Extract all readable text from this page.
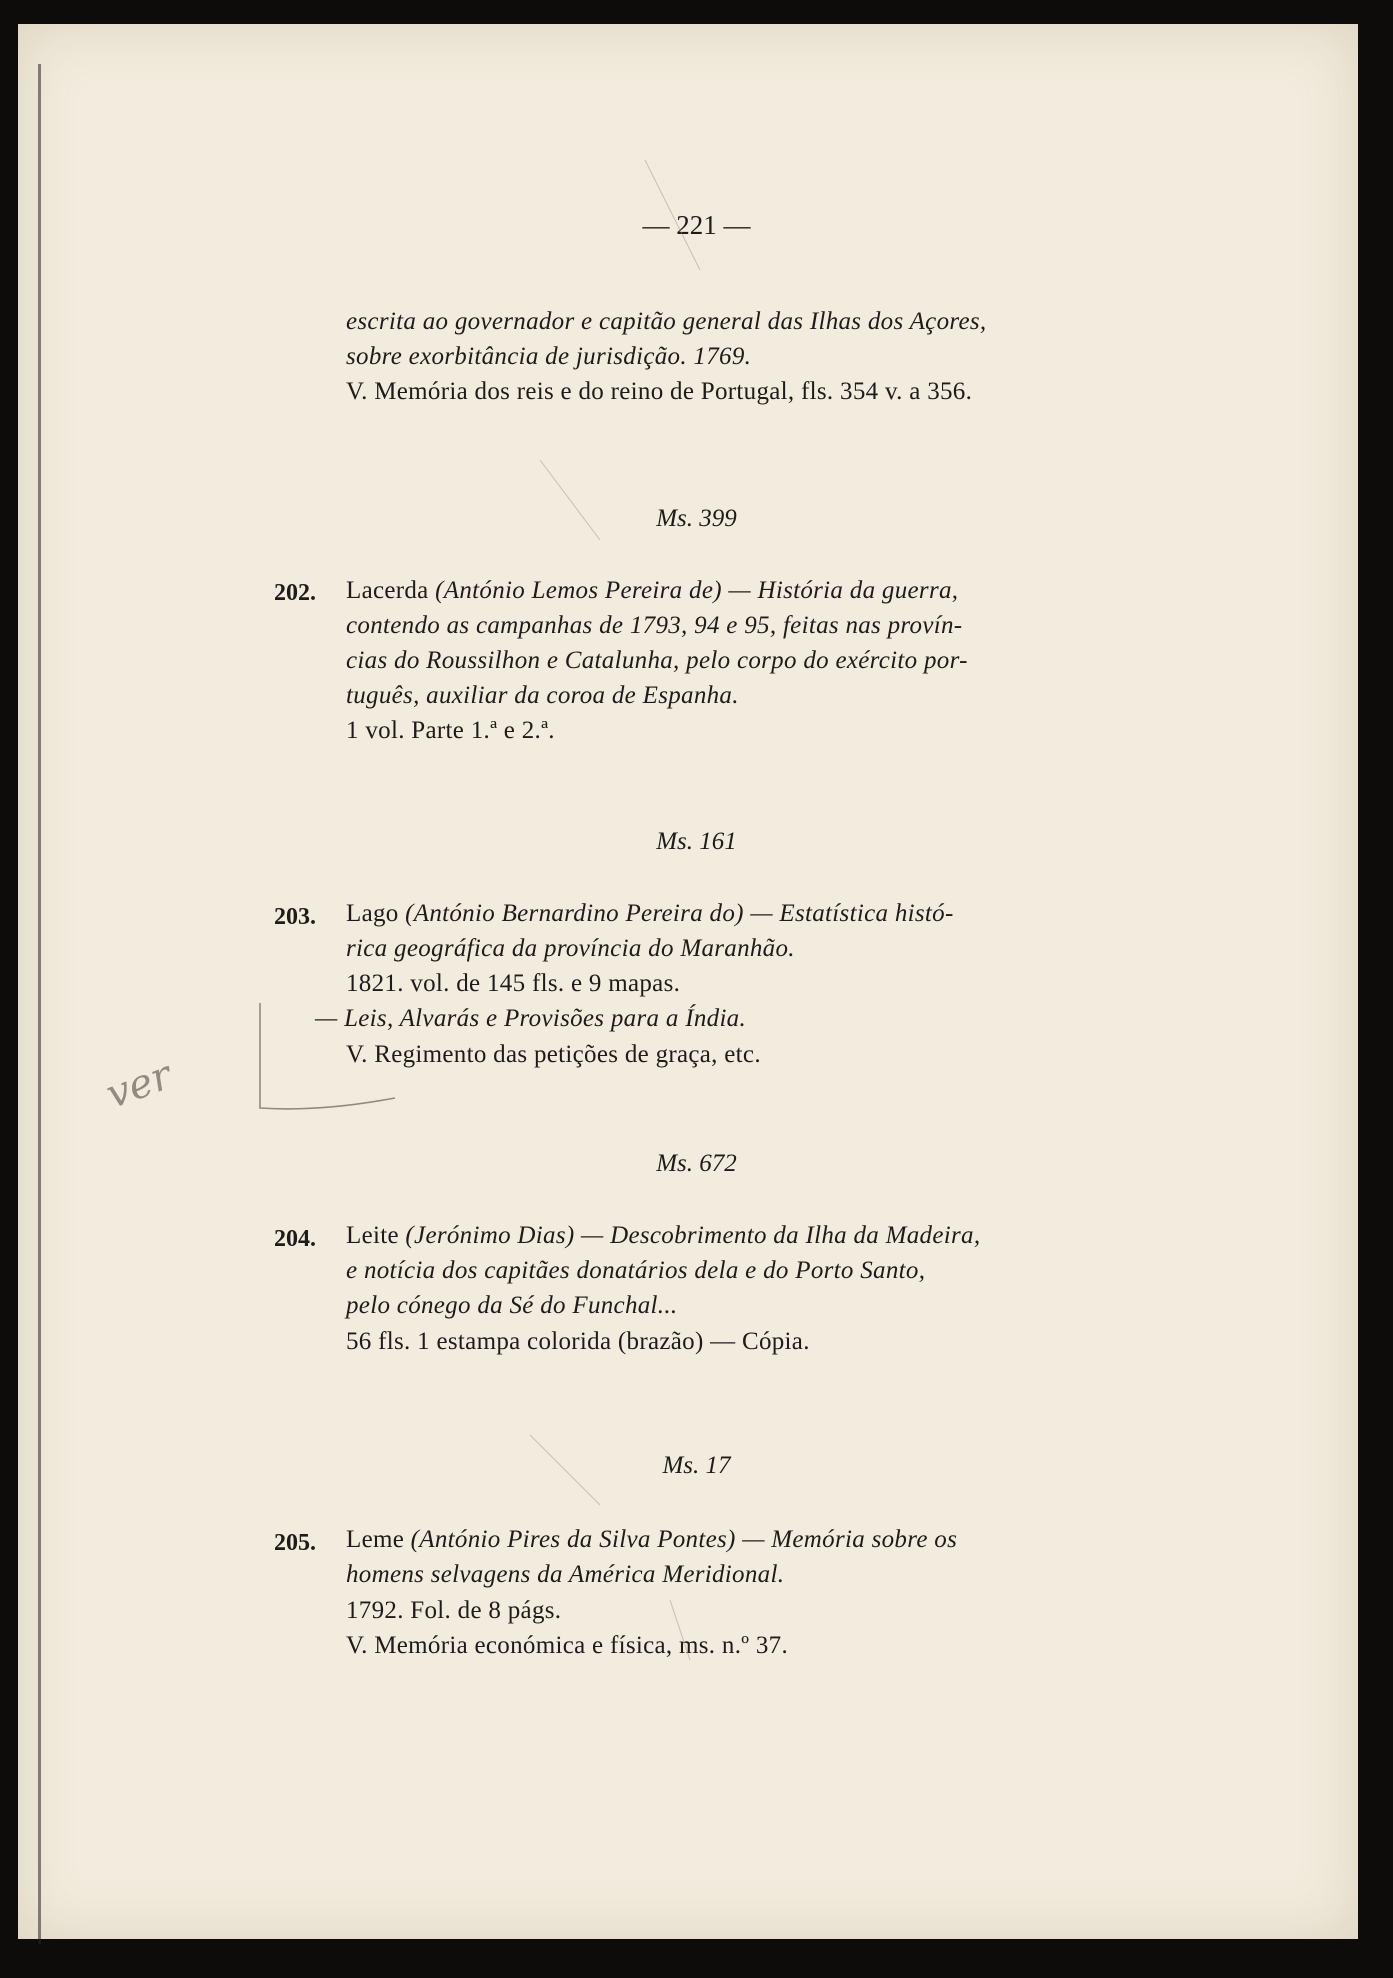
— 221 —
escrita ao governador e capitão general das Ilhas dos Açores,
sobre exorbitância de jurisdição. 1769.
V. Memória dos reis e do reino de Portugal, fls. 354 v. a 356.
Ms. 399
202. Lacerda (António Lemos Pereira de) — História da guerra,
contendo as campanhas de 1793, 94 e 95, feitas nas provín-
cias do Roussilhon e Catalunha, pelo corpo do exército por-
tuguês, auxiliar da coroa de Espanha.
1 vol. Parte 1.ª e 2.ª.
Ms. 161
203. Lago (António Bernardino Pereira do) — Estatística histó-
rica geográfica da província do Maranhão.
1821. vol. de 145 fls. e 9 mapas.
— Leis, Alvarás e Provisões para a Índia.
V. Regimento das petições de graça, etc.
Ms. 672
204. Leite (Jerónimo Dias) — Descobrimento da Ilha da Madeira,
e notícia dos capitães donatários dela e do Porto Santo,
pelo cónego da Sé do Funchal...
56 fls. 1 estampa colorida (brazão) — Cópia.
Ms. 17
205. Leme (António Pires da Silva Pontes) — Memória sobre os
homens selvagens da América Meridional.
1792. Fol. de 8 págs.
V. Memória económica e física, ms. n.º 37.
ver
